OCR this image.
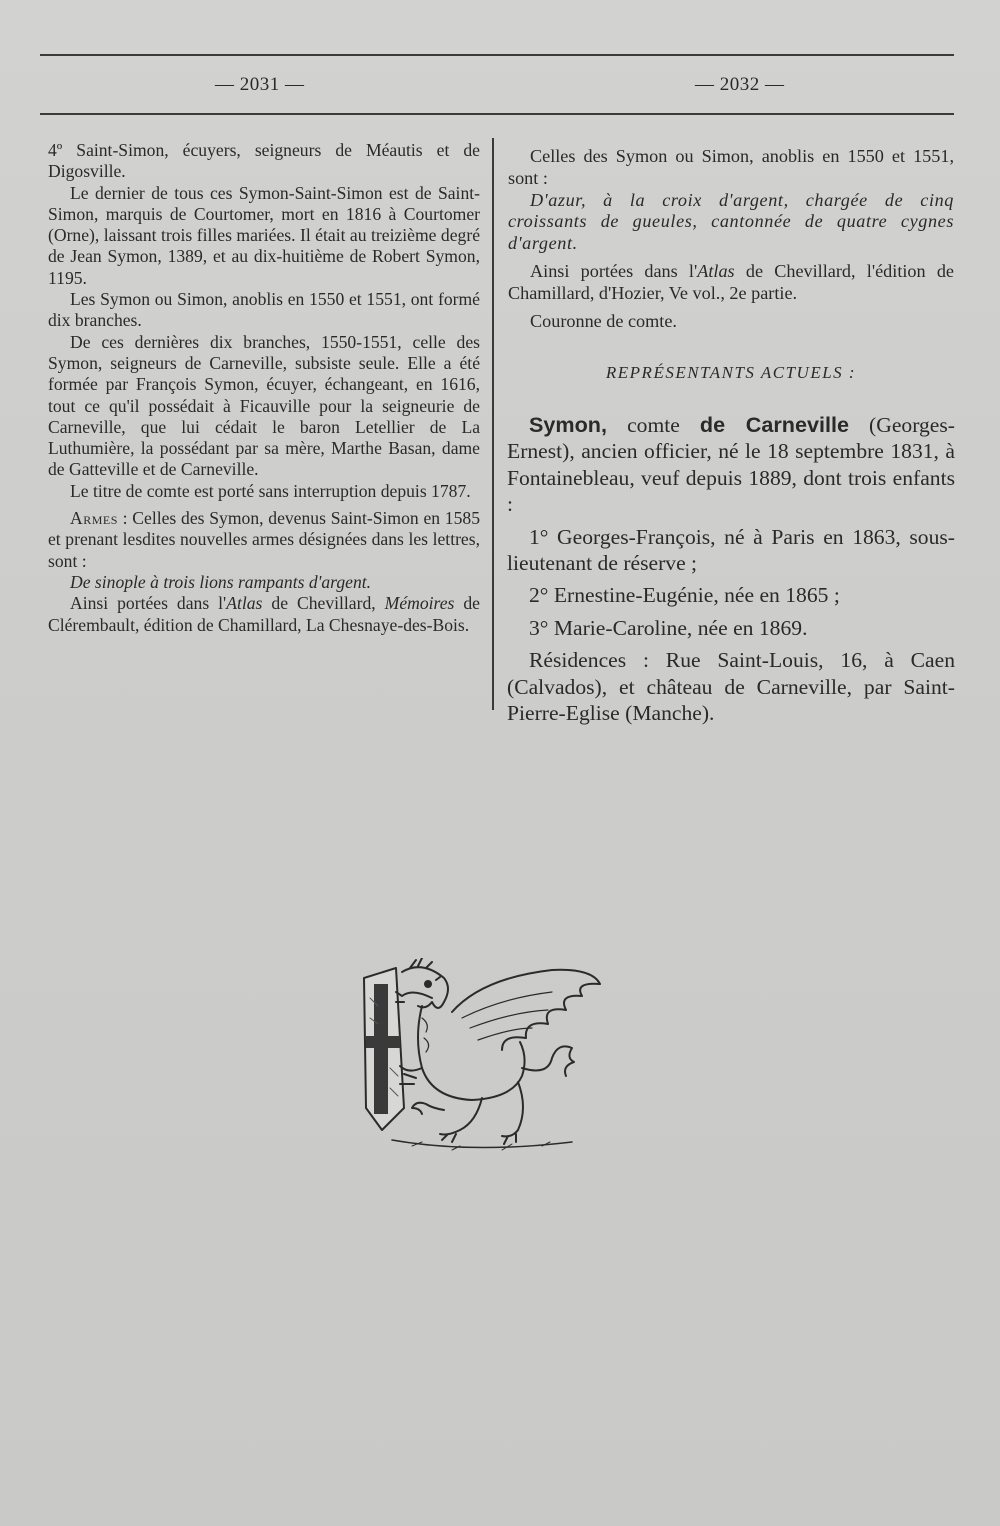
— 2031 —	— 2032 —

4º Saint-Simon, écuyers, seigneurs de Méautis et de Digosville.

Le dernier de tous ces Symon-Saint-Simon est de Saint-Simon, marquis de Courtomer, mort en 1816 à Courtomer (Orne), laissant trois filles mariées. Il était au treizième degré de Jean Symon, 1389, et au dix-huitième de Robert Symon, 1195.

Les Symon ou Simon, anoblis en 1550 et 1551, ont formé dix branches.

De ces dernières dix branches, 1550-1551, celle des Symon, seigneurs de Carneville, subsiste seule. Elle a été formée par François Symon, écuyer, échangeant, en 1616, tout ce qu'il possédait à Ficauville pour la seigneurie de Carneville, que lui cédait le baron Letellier de La Luthumière, la possédant par sa mère, Marthe Basan, dame de Gatteville et de Carneville.

Le titre de comte est porté sans interruption depuis 1787.

Armes : Celles des Symon, devenus Saint-Simon en 1585 et prenant lesdites nouvelles armes désignées dans les lettres, sont :

De sinople à trois lions rampants d'argent.

Ainsi portées dans l'Atlas de Chevillard, Mémoires de Clérembault, édition de Chamillard, La Chesnaye-des-Bois.

Celles des Symon ou Simon, anoblis en 1550 et 1551, sont :

D'azur, à la croix d'argent, chargée de cinq croissants de gueules, cantonnée de quatre cygnes d'argent.

Ainsi portées dans l'Atlas de Chevillard, l'édition de Chamillard, d'Hozier, Ve vol., 2e partie.

Couronne de comte.

REPRÉSENTANTS ACTUELS :

Symon, comte de Carneville (Georges-Ernest), ancien officier, né le 18 septembre 1831, à Fontainebleau, veuf depuis 1889, dont trois enfants :

1° Georges-François, né à Paris en 1863, sous-lieutenant de réserve ;

2° Ernestine-Eugénie, née en 1865 ;

3° Marie-Caroline, née en 1869.

Résidences : Rue Saint-Louis, 16, à Caen (Calvados), et château de Carneville, par Saint-Pierre-Eglise (Manche).
